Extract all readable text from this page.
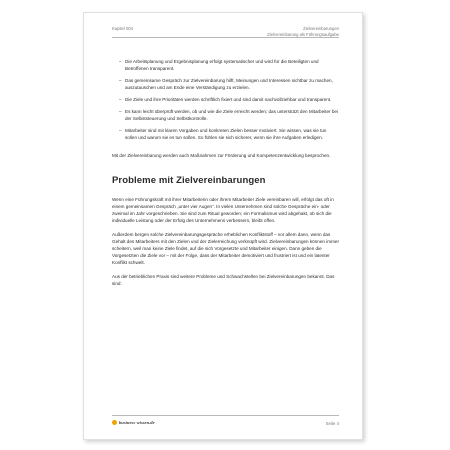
Kapitel 004	Zielvereinbarungen
Zielvereinbarung als Führungsaufgabe
– Die Arbeitsplanung und Ergebnisplanung erfolgt systematischer und wird für die Beteiligten und Betroffenen transparent.
– Das gemeinsame Gespräch zur Zielvereinbarung hilft, Meinungen und Interessen sichtbar zu machen, auszutauschen und am Ende eine Verständigung zu erzielen.
– Die Ziele und ihre Prioritäten werden schriftlich fixiert und sind damit nachvollziehbar und transparent.
– Es kann leicht überprüft werden, ob und wie die Ziele erreicht werden; das unterstützt den Mitarbeiter bei der Selbststeuerung und Selbstkontrolle.
– Mitarbeiter sind mit klaren Vorgaben und konkreten Zielen besser motiviert. Sie wissen, was sie tun sollen und warum sie es tun sollen. So fühlen sie sich sicherer, wenn sie ihre Aufgaben erledigen.

Mit der Zielvereinbarung werden auch Maßnahmen zur Förderung und Kompetenzentwicklung besprochen.

Probleme mit Zielvereinbarungen

Wenn eine Führungskraft mit ihrer Mitarbeiterin oder ihrem Mitarbeiter Ziele vereinbaren will, erfolgt das oft in einem gemeinsamen Gespräch „unter vier Augen“. In vielen Unternehmen sind solche Gespräche ein- oder zweimal im Jahr vorgeschrieben. Sie sind zum Ritual geworden; ein Formalismus wird abgehakt, ob sich die individuelle Leistung oder der Erfolg des Unternehmens verbessern, bleibt offen.

Außerdem bergen solche Zielvereinbarungsgespräche erheblichen Konfliktstoff – vor allem dann, wenn das Gehalt des Mitarbeiters mit den Zielen und der Zielerreichung verknüpft wird. Zielvereinbarungen können immer scheitern, weil man keine Ziele findet, auf die sich Vorgesetzte und Mitarbeiter einigen. Dann geben die Vorgesetzten die Ziele vor – mit der Folge, dass der Mitarbeiter demotiviert und frustriert ist und ein latenter Konflikt schwelt.

Aus der betrieblichen Praxis sind weitere Probleme und Schwachstellen bei Zielvereinbarungen bekannt. Das sind:

business-wissen.de	Seite 4
